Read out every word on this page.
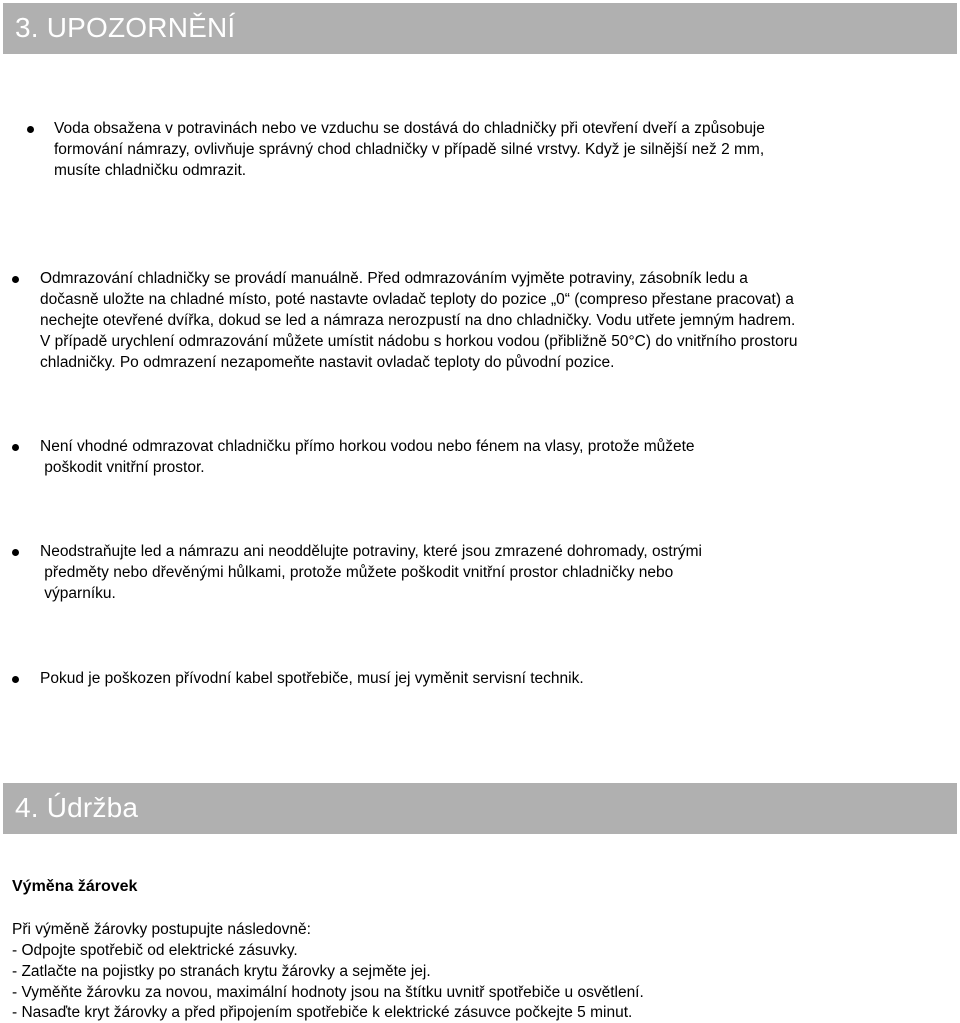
3. UPOZORNĚNÍ
Voda obsažena v potravinách nebo ve vzduchu se dostává do chladničky při otevření dveří a způsobuje
formování námrazy, ovlivňuje správný chod chladničky v případě silné vrstvy. Když je silnější než 2 mm,
musíte chladničku odmrazit.
Odmrazování chladničky se provádí manuálně. Před odmrazováním vyjměte potraviny, zásobník ledu a
dočasně uložte na chladné místo, poté nastavte ovladač teploty do pozice „0“ (compreso přestane pracovat) a
nechejte otevřené dvířka, dokud se led a námraza nerozpustí na dno chladničky. Vodu utřete jemným hadrem.
V případě urychlení odmrazování můžete umístit nádobu s horkou vodou (přibližně 50°C) do vnitřního prostoru
chladničky. Po odmrazení nezapomeňte nastavit ovladač teploty do původní pozice.
Není vhodné odmrazovat chladničku přímo horkou vodou nebo fénem na vlasy, protože můžete
poškodit vnitřní prostor.
Neodstraňujte led a námrazu ani neoddělujte potraviny, které jsou zmrazené dohromady, ostrými
předměty nebo dřevěnými hůlkami, protože můžete poškodit vnitřní prostor chladničky nebo
výparníku.
Pokud je poškozen přívodní kabel spotřebiče, musí jej vyměnit servisní technik.
4. Údržba
Výměna žárovek
Při výměně žárovky postupujte následovně:
- Odpojte spotřebič od elektrické zásuvky.
- Zatlačte na pojistky po stranách krytu žárovky a sejměte jej.
- Vyměňte žárovku za novou, maximální hodnoty jsou na štítku uvnitř spotřebiče u osvětlení.
- Nasaďte kryt žárovky a před připojením spotřebiče k elektrické zásuvce počkejte 5 minut.
